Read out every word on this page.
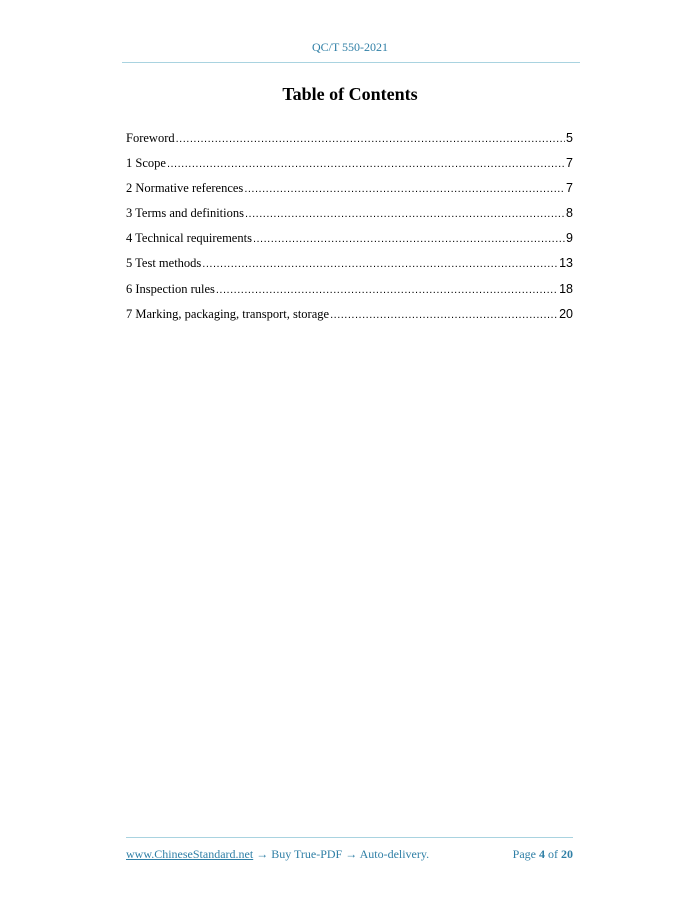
QC/T 550-2021
Table of Contents
Foreword .....	5
1 Scope .....	7
2 Normative references .....	7
3 Terms and definitions .....	8
4 Technical requirements .....	9
5 Test methods .....	13
6 Inspection rules .....	18
7 Marking, packaging, transport, storage .....	20
www.ChineseStandard.net → Buy True-PDF → Auto-delivery.	Page 4 of 20
